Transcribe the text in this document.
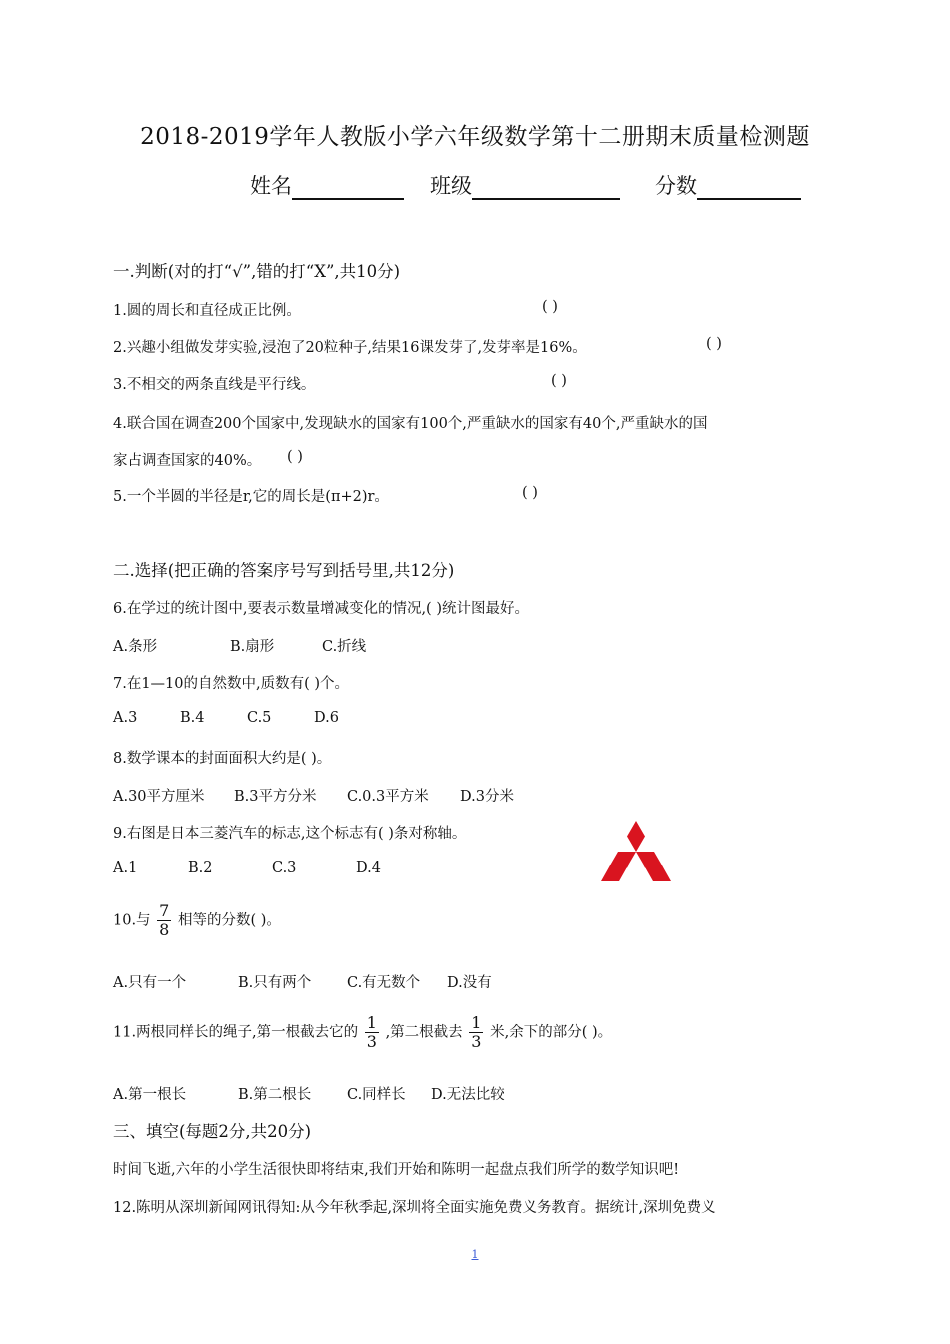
2018-2019学年人教版小学六年级数学第十二册期末质量检测题
姓名	班级	分数
一.判断(对的打“√”,错的打“X”,共10分)
1.圆的周长和直径成正比例。	( )
2.兴趣小组做发芽实验,浸泡了20粒种子,结果16课发芽了,发芽率是16%。	( )
3.不相交的两条直线是平行线。	( )
4.联合国在调查200个国家中,发现缺水的国家有100个,严重缺水的国家有40个,严重缺水的国
家占调查国家的40%。 ( )
5.一个半圆的半径是r,它的周长是(π+2)r。	( )
二.选择(把正确的答案序号写到括号里,共12分)
6.在学过的统计图中,要表示数量增减变化的情况,( )统计图最好。
A.条形	B.扇形	C.折线
7.在1—10的自然数中,质数有( )个。
A.3	B.4	C.5	D.6
8.数学课本的封面面积大约是( )。
A.30平方厘米 B.3平方分米 C.0.3平方米 D.3分米
9.右图是日本三菱汽车的标志,这个标志有( )条对称轴。
A.1	B.2	C.3	D.4
10.与 $\frac{7}{8}$ 相等的分数( )。
A.只有一个	B.只有两个 C.有无数个 D.没有
11.两根同样长的绳子,第一根截去它的 $\frac{1}{3}$ ,第二根截去 $\frac{1}{3}$ 米,余下的部分( )。
A.第一根长	B.第二根长 C.同样长 D.无法比较
三、填空(每题2分,共20分)
时间飞逝,六年的小学生活很快即将结束,我们开始和陈明一起盘点我们所学的数学知识吧!
12.陈明从深圳新闻网讯得知:从今年秋季起,深圳将全面实施免费义务教育。据统计,深圳免费义
1
